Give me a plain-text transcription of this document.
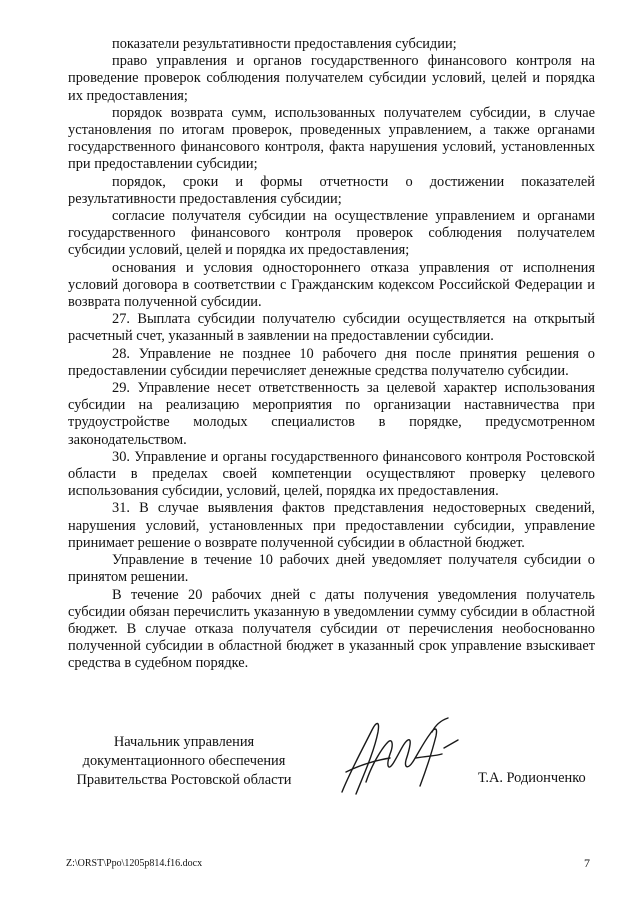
показатели результативности предоставления субсидии;

право управления и органов государственного финансового контроля на проведение проверок соблюдения получателем субсидии условий, целей и порядка их предоставления;

порядок возврата сумм, использованных получателем субсидии, в случае установления по итогам проверок, проведенных управлением, а также органами государственного финансового контроля, факта нарушения условий, установленных при предоставлении субсидии;

порядок, сроки и формы отчетности о достижении показателей результативности предоставления субсидии;

согласие получателя субсидии на осуществление управлением и органами государственного финансового контроля проверок соблюдения получателем субсидии условий, целей и порядка их предоставления;

основания и условия одностороннего отказа управления от исполнения условий договора в соответствии с Гражданским кодексом Российской Федерации и возврата полученной субсидии.

27. Выплата субсидии получателю субсидии осуществляется на открытый расчетный счет, указанный в заявлении на предоставлении субсидии.

28. Управление не позднее 10 рабочего дня после принятия решения о предоставлении субсидии перечисляет денежные средства получателю субсидии.

29. Управление несет ответственность за целевой характер использования субсидии на реализацию мероприятия по организации наставничества при трудоустройстве молодых специалистов в порядке, предусмотренном законодательством.

30. Управление и органы государственного финансового контроля Ростовской области в пределах своей компетенции осуществляют проверку целевого использования субсидии, условий, целей, порядка их предоставления.

31. В случае выявления фактов представления недостоверных сведений, нарушения условий, установленных при предоставлении субсидии, управление принимает решение о возврате полученной субсидии в областной бюджет.

Управление в течение 10 рабочих дней уведомляет получателя субсидии о принятом решении.

В течение 20 рабочих дней с даты получения уведомления получатель субсидии обязан перечислить указанную в уведомлении сумму субсидии в областной бюджет. В случае отказа получателя субсидии от перечисления необоснованно полученной субсидии в областной бюджет в указанный срок управление взыскивает средства в судебном порядке.

Начальник управления
документационного обеспечения
Правительства Ростовской области	Т.А. Родионченко
Z:\ORST\Ppo\1205p814.f16.docx	7
